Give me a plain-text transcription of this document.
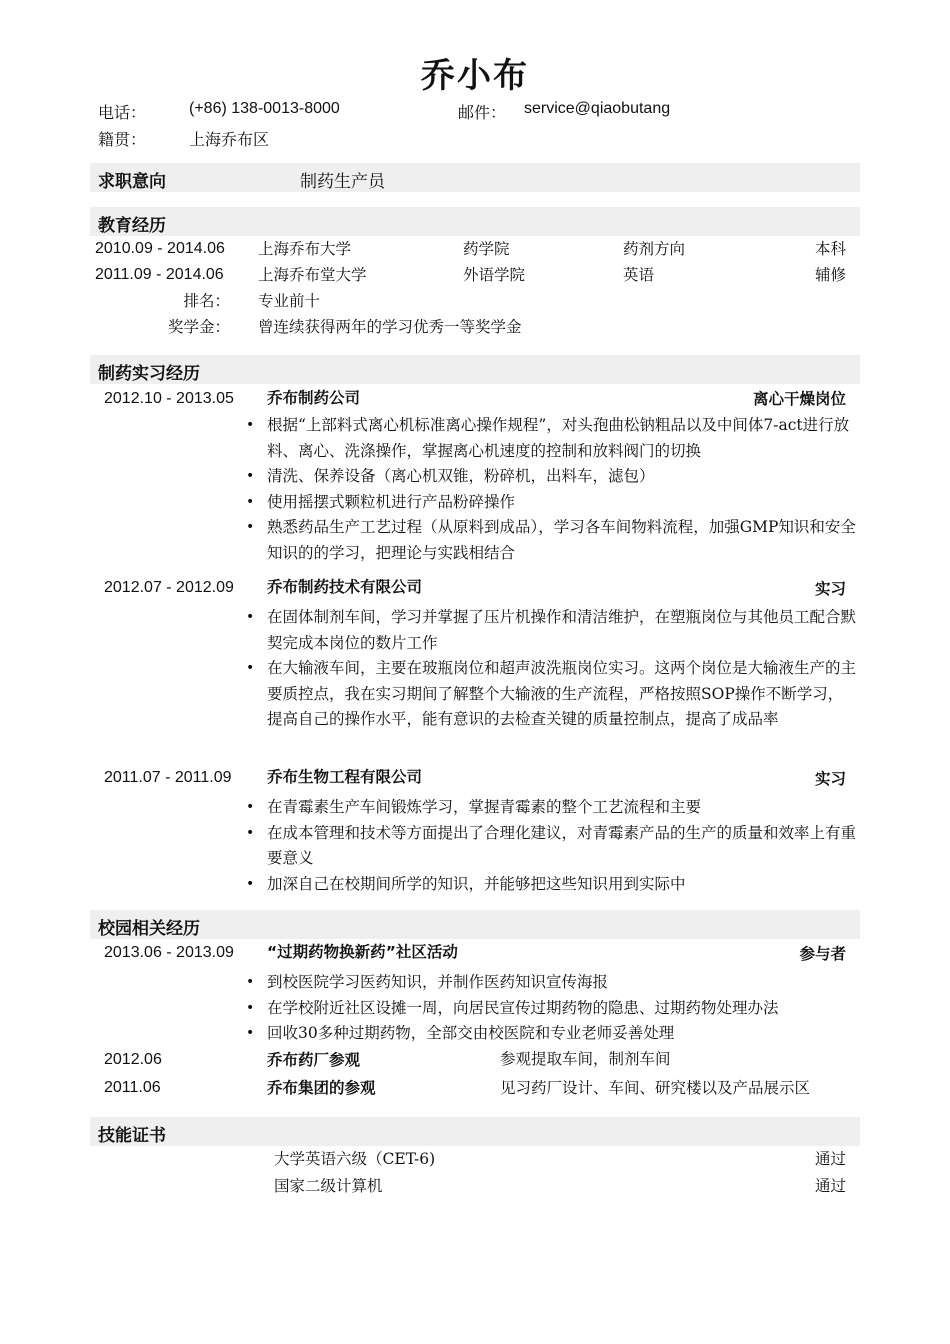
乔小布
电话：	(+86) 138-0013-8000	邮件： service@qiaobutang
籍贯：	上海乔布区
求职意向	制药生产员
教育经历
2010.09 - 2014.06 上海乔布大学	药学院	药剂方向	本科
2011.09 - 2014.06 上海乔布堂大学	外语学院	英语	辅修
排名： 专业前十
奖学金： 曾连续获得两年的学习优秀一等奖学金
制药实习经历
2012.10 - 2013.05 乔布制药公司	离心干燥岗位
• 根据“上部料式离心机标准离心操作规程”，对头孢曲松钠粗品以及中间体7-act进行放料、离心、洗涤操作，掌握离心机速度的控制和放料阀门的切换
• 清洗、保养设备（离心机双锥，粉碎机，出料车，滤包）
• 使用摇摆式颗粒机进行产品粉碎操作
• 熟悉药品生产工艺过程（从原料到成品），学习各车间物料流程，加强GMP知识和安全知识的的学习，把理论与实践相结合
2012.07 - 2012.09 乔布制药技术有限公司	实习
• 在固体制剂车间，学习并掌握了压片机操作和清洁维护，在塑瓶岗位与其他员工配合默契完成本岗位的数片工作
• 在大输液车间，主要在玻瓶岗位和超声波洗瓶岗位实习。这两个岗位是大输液生产的主要质控点，我在实习期间了解整个大输液的生产流程，严格按照SOP操作不断学习，提高自己的操作水平，能有意识的去检查关键的质量控制点，提高了成品率
2011.07 - 2011.09 乔布生物工程有限公司	实习
• 在青霉素生产车间锻炼学习，掌握青霉素的整个工艺流程和主要
• 在成本管理和技术等方面提出了合理化建议，对青霉素产品的生产的质量和效率上有重要意义
• 加深自己在校期间所学的知识，并能够把这些知识用到实际中
校园相关经历
2013.06 - 2013.09 “过期药物换新药”社区活动	参与者
• 到校医院学习医药知识，并制作医药知识宣传海报
• 在学校附近社区设摊一周，向居民宣传过期药物的隐患、过期药物处理办法
• 回收30多种过期药物，全部交由校医院和专业老师妥善处理
2012.06	乔布药厂参观	参观提取车间，制剂车间
2011.06	乔布集团的参观	见习药厂设计、车间、研究楼以及产品展示区
技能证书
大学英语六级（CET-6)	通过
国家二级计算机	通过
